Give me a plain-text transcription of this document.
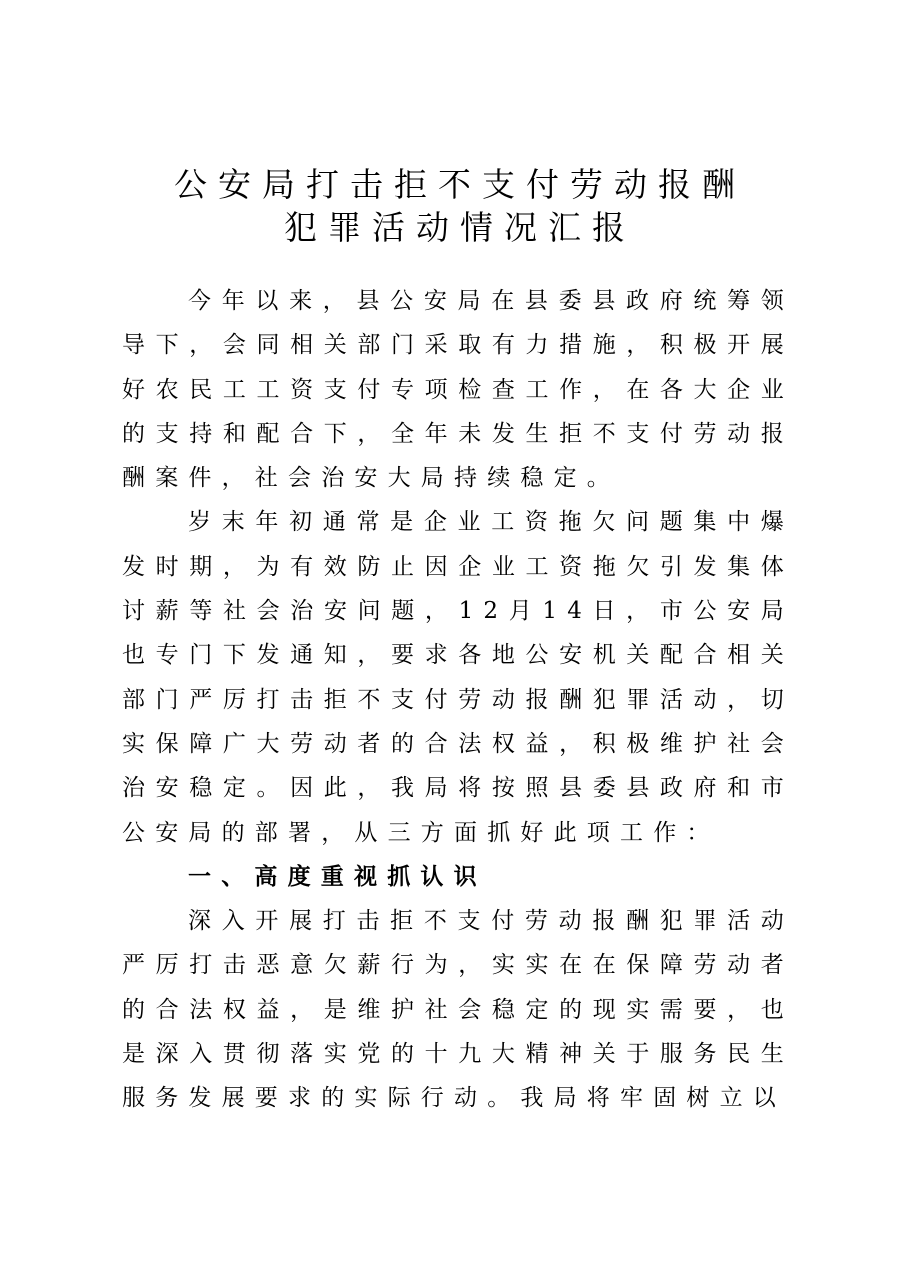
公安局打击拒不支付劳动报酬
犯罪活动情况汇报

今年以来，县公安局在县委县政府统筹领导下，会同相关部门采取有力措施，积极开展好农民工工资支付专项检查工作，在各大企业的支持和配合下，全年未发生拒不支付劳动报酬案件，社会治安大局持续稳定。

岁末年初通常是企业工资拖欠问题集中爆发时期，为有效防止因企业工资拖欠引发集体讨薪等社会治安问题，12月14日，市公安局也专门下发通知，要求各地公安机关配合相关部门严厉打击拒不支付劳动报酬犯罪活动，切实保障广大劳动者的合法权益，积极维护社会治安稳定。因此，我局将按照县委县政府和市公安局的部署，从三方面抓好此项工作：

一、高度重视抓认识

深入开展打击拒不支付劳动报酬犯罪活动严厉打击恶意欠薪行为，实实在在保障劳动者的合法权益，是维护社会稳定的现实需要，也是深入贯彻落实党的十九大精神关于服务民生服务发展要求的实际行动。我局将牢固树立以
